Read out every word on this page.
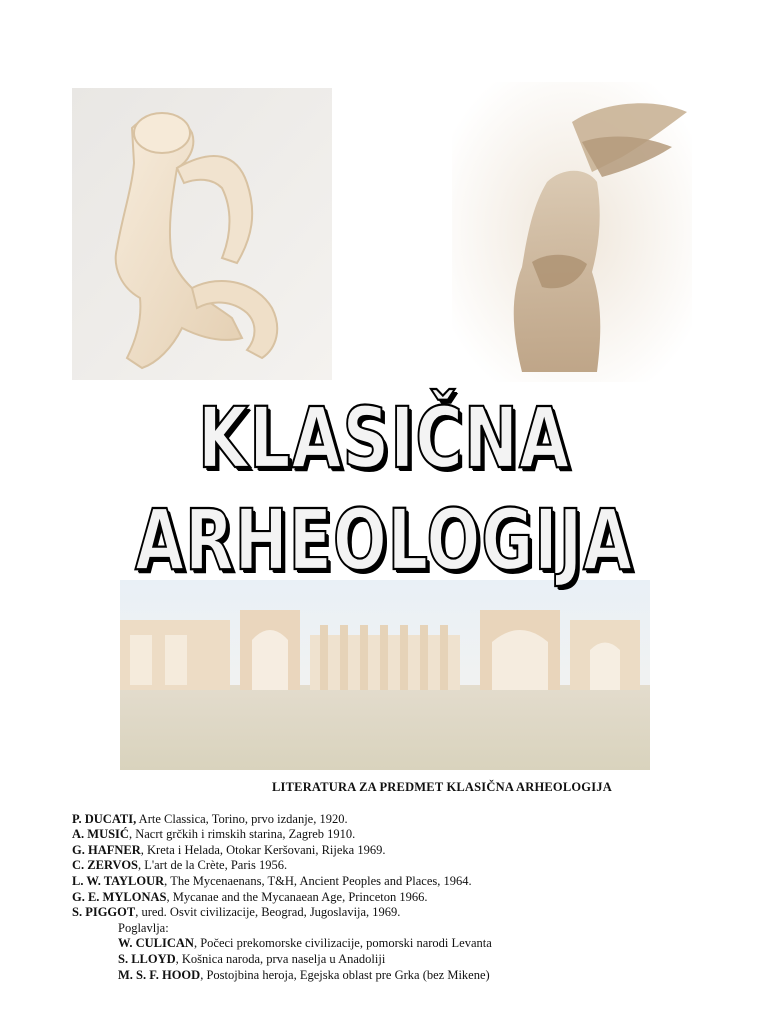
KLASIČNA
ARHEOLOGIJA
LITERATURA ZA PREDMET KLASIČNA ARHEOLOGIJA
P. DUCATI, Arte Classica, Torino, prvo izdanje, 1920.
A. MUSIĆ, Nacrt grčkih i rimskih starina, Zagreb 1910.
G. HAFNER, Kreta i Helada, Otokar Keršovani, Rijeka 1969.
C. ZERVOS, L'art de la Crète, Paris 1956.
L. W. TAYLOUR, The Mycenaenans, T&H, Ancient Peoples and Places, 1964.
G. E. MYLONAS, Mycanae and the Mycanaean Age, Princeton 1966.
S. PIGGOT, ured. Osvit civilizacije, Beograd, Jugoslavija, 1969.
Poglavlja:
W. CULICAN, Počeci prekomorske civilizacije, pomorski narodi Levanta
S. LLOYD, Košnica naroda, prva naselja u Anadoliji
M. S. F. HOOD, Postojbina heroja, Egejska oblast pre Grka (bez Mikene)
